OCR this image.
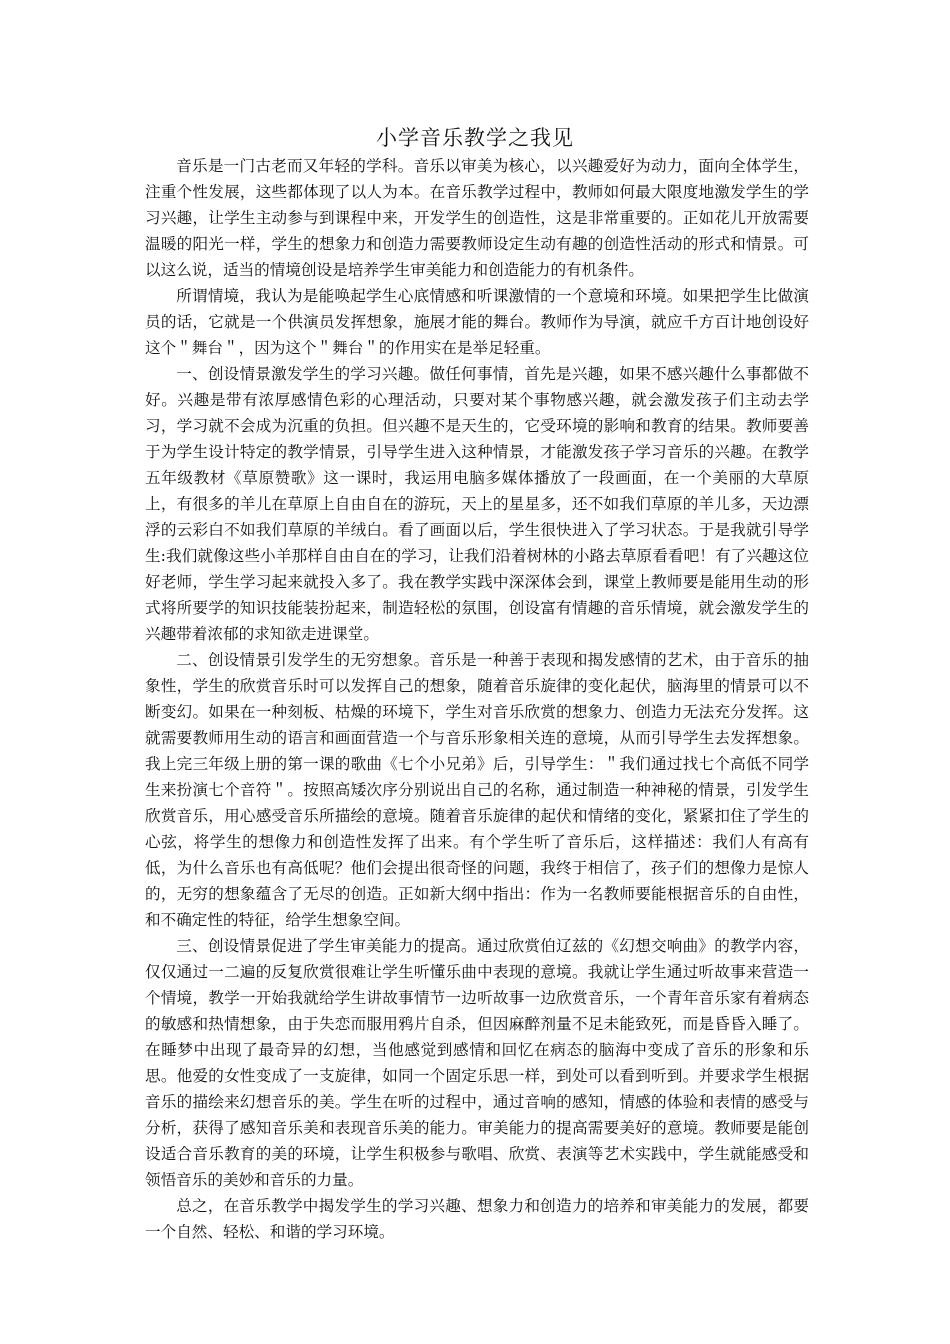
小学音乐教学之我见

音乐是一门古老而又年轻的学科。音乐以审美为核心，以兴趣爱好为动力，面向全体学生，注重个性发展，这些都体现了以人为本。在音乐教学过程中，教师如何最大限度地激发学生的学习兴趣，让学生主动参与到课程中来，开发学生的创造性，这是非常重要的。正如花儿开放需要温暖的阳光一样，学生的想象力和创造力需要教师设定生动有趣的创造性活动的形式和情景。可以这么说，适当的情境创设是培养学生审美能力和创造能力的有机条件。

所谓情境，我认为是能唤起学生心底情感和听课激情的一个意境和环境。如果把学生比做演员的话，它就是一个供演员发挥想象，施展才能的舞台。教师作为导演，就应千方百计地创设好这个＂舞台＂，因为这个＂舞台＂的作用实在是举足轻重。

一、创设情景激发学生的学习兴趣。做任何事情，首先是兴趣，如果不感兴趣什么事都做不好。兴趣是带有浓厚感情色彩的心理活动，只要对某个事物感兴趣，就会激发孩子们主动去学习，学习就不会成为沉重的负担。但兴趣不是天生的，它受环境的影响和教育的结果。教师要善于为学生设计特定的教学情景，引导学生进入这种情景，才能激发孩子学习音乐的兴趣。在教学五年级教材《草原赞歌》这一课时，我运用电脑多媒体播放了一段画面，在一个美丽的大草原上，有很多的羊儿在草原上自由自在的游玩，天上的星星多，还不如我们草原的羊儿多，天边漂浮的云彩白不如我们草原的羊绒白。看了画面以后，学生很快进入了学习状态。于是我就引导学生:我们就像这些小羊那样自由自在的学习，让我们沿着树林的小路去草原看看吧！有了兴趣这位好老师，学生学习起来就投入多了。我在教学实践中深深体会到，课堂上教师要是能用生动的形式将所要学的知识技能装扮起来，制造轻松的氛围，创设富有情趣的音乐情境，就会激发学生的兴趣带着浓郁的求知欲走进课堂。

二、创设情景引发学生的无穷想象。音乐是一种善于表现和揭发感情的艺术，由于音乐的抽象性，学生的欣赏音乐时可以发挥自己的想象，随着音乐旋律的变化起伏，脑海里的情景可以不断变幻。如果在一种刻板、枯燥的环境下，学生对音乐欣赏的想象力、创造力无法充分发挥。这就需要教师用生动的语言和画面营造一个与音乐形象相关连的意境，从而引导学生去发挥想象。我上完三年级上册的第一课的歌曲《七个小兄弟》后，引导学生：＂我们通过找七个高低不同学生来扮演七个音符＂。按照高矮次序分别说出自己的名称，通过制造一种神秘的情景，引发学生欣赏音乐，用心感受音乐所描绘的意境。随着音乐旋律的起伏和情绪的变化，紧紧扣住了学生的心弦，将学生的想像力和创造性发挥了出来。有个学生听了音乐后，这样描述：我们人有高有低，为什么音乐也有高低呢？他们会提出很奇怪的问题，我终于相信了，孩子们的想像力是惊人的，无穷的想象蕴含了无尽的创造。正如新大纲中指出：作为一名教师要能根据音乐的自由性，和不确定性的特征，给学生想象空间。

三、创设情景促进了学生审美能力的提高。通过欣赏伯辽兹的《幻想交响曲》的教学内容，仅仅通过一二遍的反复欣赏很难让学生听懂乐曲中表现的意境。我就让学生通过听故事来营造一个情境，教学一开始我就给学生讲故事情节一边听故事一边欣赏音乐，一个青年音乐家有着病态的敏感和热情想象，由于失恋而服用鸦片自杀，但因麻醉剂量不足未能致死，而是昏昏入睡了。在睡梦中出现了最奇异的幻想，当他感觉到感情和回忆在病态的脑海中变成了音乐的形象和乐思。他爱的女性变成了一支旋律，如同一个固定乐思一样，到处可以看到听到。并要求学生根据音乐的描绘来幻想音乐的美。学生在听的过程中，通过音响的感知，情感的体验和表情的感受与分析，获得了感知音乐美和表现音乐美的能力。审美能力的提高需要美好的意境。教师要是能创设适合音乐教育的美的环境，让学生积极参与歌唱、欣赏、表演等艺术实践中，学生就能感受和领悟音乐的美妙和音乐的力量。

总之，在音乐教学中揭发学生的学习兴趣、想象力和创造力的培养和审美能力的发展，都要一个自然、轻松、和谐的学习环境。
